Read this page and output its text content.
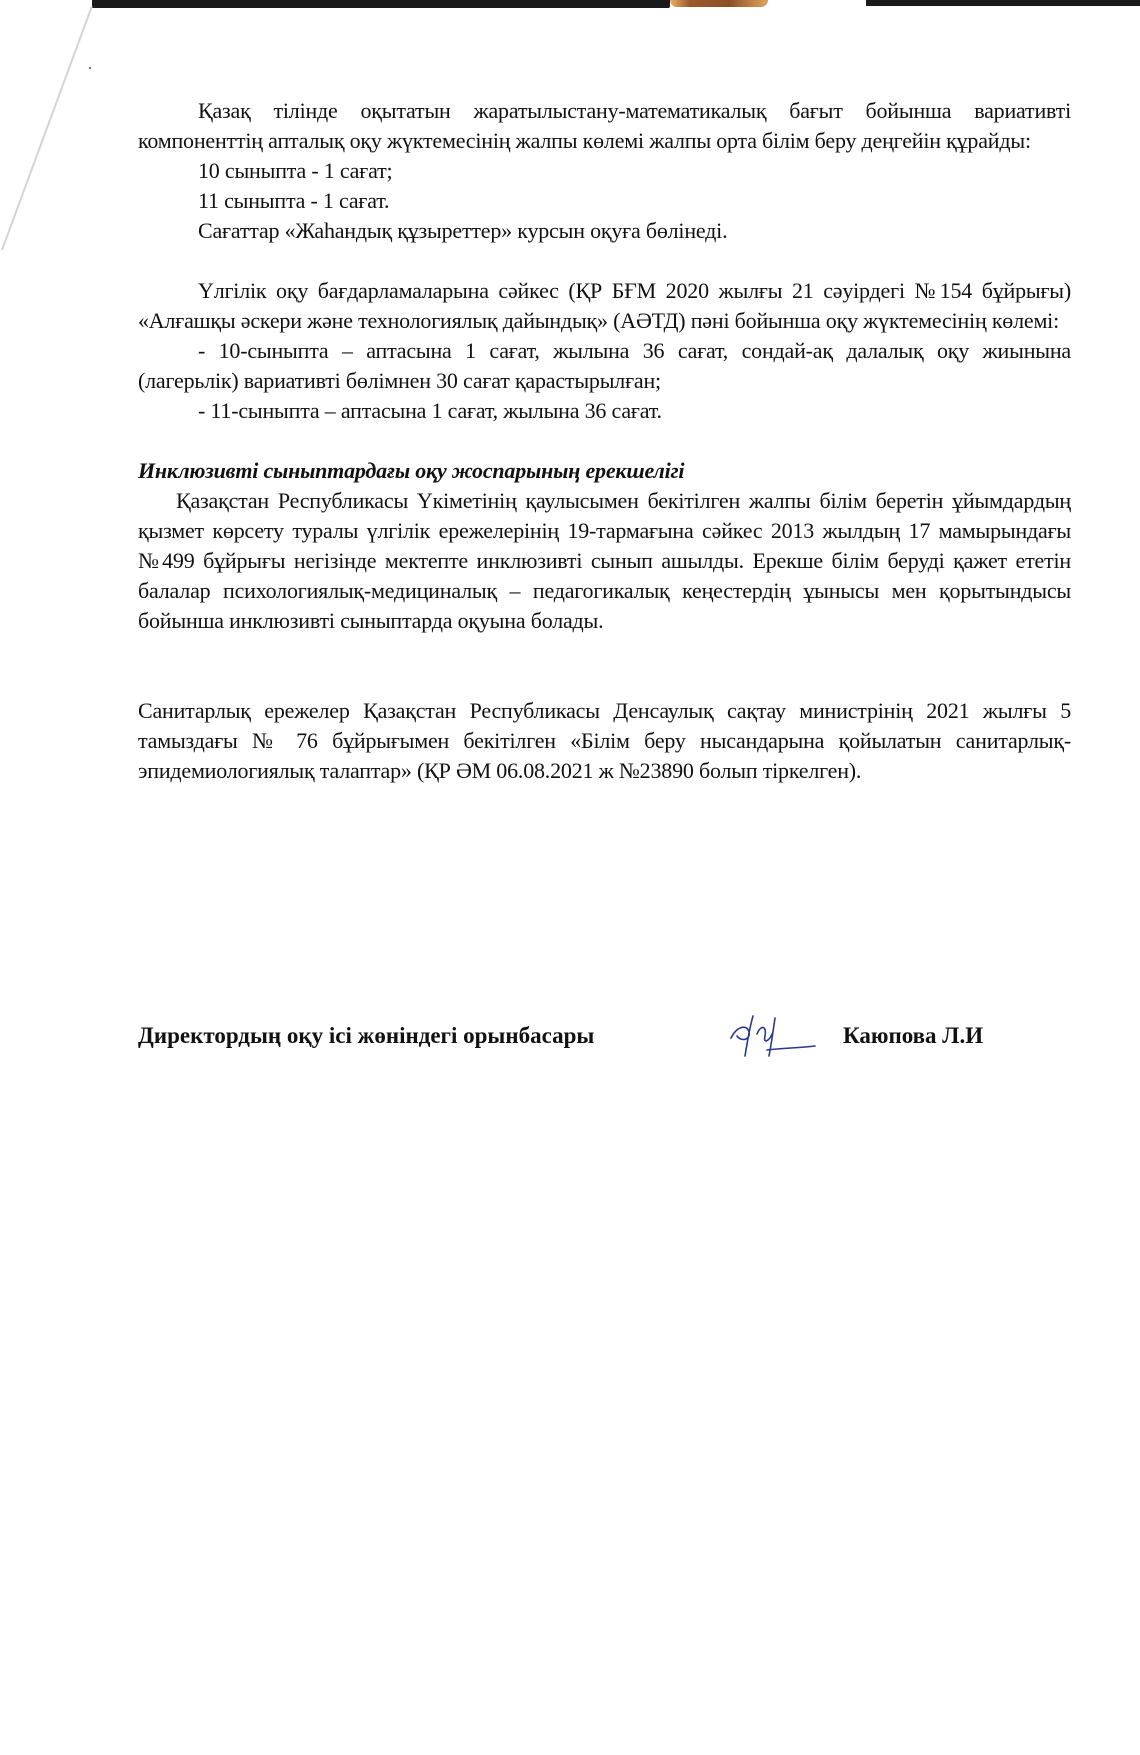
Қазақ тілінде оқытатын жаратылыстану-математикалық бағыт бойынша вариативті компоненттің апталық оқу жүктемесінің жалпы көлемі жалпы орта білім беру деңгейін құрайды:

10 сыныпта - 1 сағат;

11 сыныпта - 1 сағат.

Сағаттар «Жаhандық құзыреттер» курсын оқуға бөлінеді.

Үлгілік оқу бағдарламаларына сәйкес (ҚР БҒМ 2020 жылғы 21 сәуірдегі №154 бұйрығы) «Алғашқы әскери және технологиялық дайындық» (АӘТД) пәні бойынша оқу жүктемесінің көлемі:

- 10-сыныпта – аптасына 1 сағат, жылына 36 сағат, сондай-ақ далалық оқу жиынына (лагерьлік) вариативті бөлімнен 30 сағат қарастырылған;

- 11-сыныпта – аптасына 1 сағат, жылына 36 сағат.

Инклюзивті сыныптардағы оқу жоспарының ерекшелігі

Қазақстан Республикасы Үкіметінің қаулысымен бекітілген жалпы білім беретін ұйымдардың қызмет көрсету туралы үлгілік ережелерінің 19-тармағына сәйкес 2013 жылдың 17 мамырындағы №499 бұйрығы негізінде мектепте инклюзивті сынып ашылды. Ерекше білім беруді қажет ететін балалар психологиялық-медициналық – педагогикалық кеңестердің ұынысы мен қорытындысы бойынша инклюзивті сыныптарда оқуына болады.

Санитарлық ережелер Қазақстан Республикасы Денсаулық сақтау министрінің 2021 жылғы 5 тамыздағы № 76 бұйрығымен бекітілген «Білім беру нысандарына қойылатын санитарлық-эпидемиологиялық талаптар» (ҚР ӘМ 06.08.2021 ж №23890 болып тіркелген).

Директордың оқу ісі жөніндегі орынбасары	Каюпова Л.И
